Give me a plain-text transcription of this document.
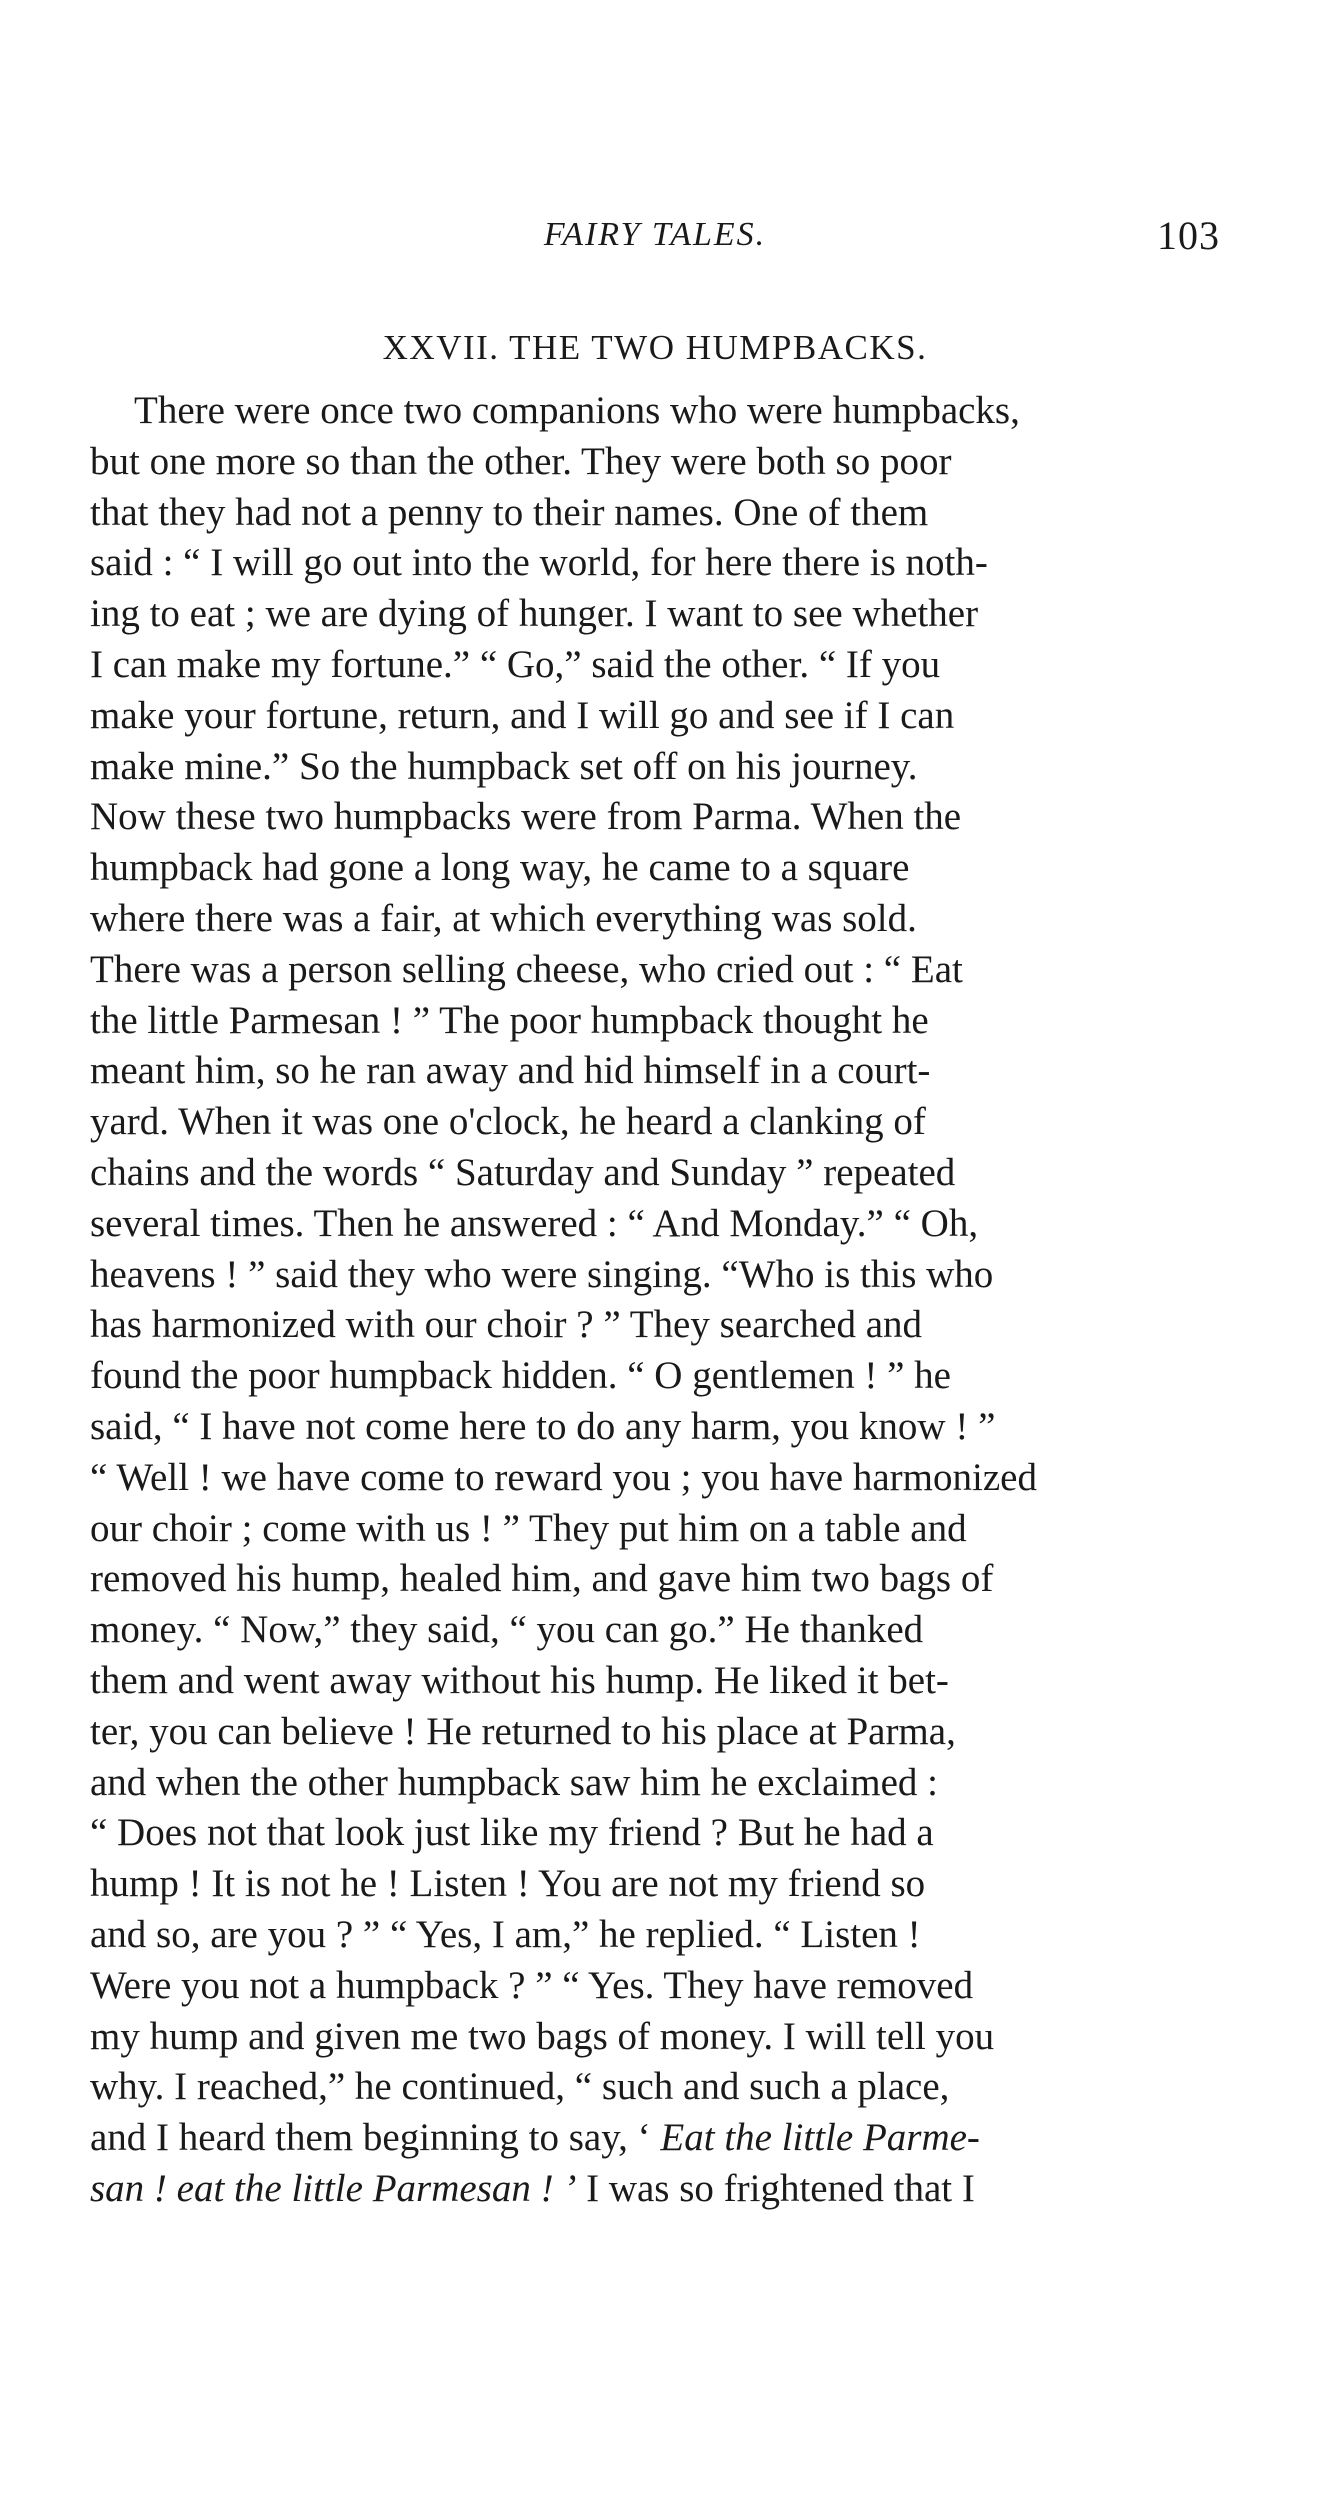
FAIRY TALES.	103
XXVII. THE TWO HUMPBACKS.
There were once two companions who were humpbacks,
but one more so than the other. They were both so poor
that they had not a penny to their names. One of them
said : “ I will go out into the world, for here there is noth-
ing to eat ; we are dying of hunger. I want to see whether
I can make my fortune.” “ Go,” said the other. “ If you
make your fortune, return, and I will go and see if I can
make mine.” So the humpback set off on his journey.
Now these two humpbacks were from Parma. When the
humpback had gone a long way, he came to a square
where there was a fair, at which everything was sold.
There was a person selling cheese, who cried out : “ Eat
the little Parmesan ! ” The poor humpback thought he
meant him, so he ran away and hid himself in a court-
yard. When it was one o'clock, he heard a clanking of
chains and the words “ Saturday and Sunday ” repeated
several times. Then he answered : “ And Monday.” “ Oh,
heavens ! ” said they who were singing. “Who is this who
has harmonized with our choir ? ” They searched and
found the poor humpback hidden. “ O gentlemen ! ” he
said, “ I have not come here to do any harm, you know ! ”
“ Well ! we have come to reward you ; you have harmonized
our choir ; come with us ! ” They put him on a table and
removed his hump, healed him, and gave him two bags of
money. “ Now,” they said, “ you can go.” He thanked
them and went away without his hump. He liked it bet-
ter, you can believe ! He returned to his place at Parma,
and when the other humpback saw him he exclaimed :
“ Does not that look just like my friend ? But he had a
hump ! It is not he ! Listen ! You are not my friend so
and so, are you ? ” “ Yes, I am,” he replied. “ Listen !
Were you not a humpback ? ” “ Yes. They have removed
my hump and given me two bags of money. I will tell you
why. I reached,” he continued, “ such and such a place,
and I heard them beginning to say, ‘ Eat the little Parme-
san ! eat the little Parmesan ! ’ I was so frightened that I
